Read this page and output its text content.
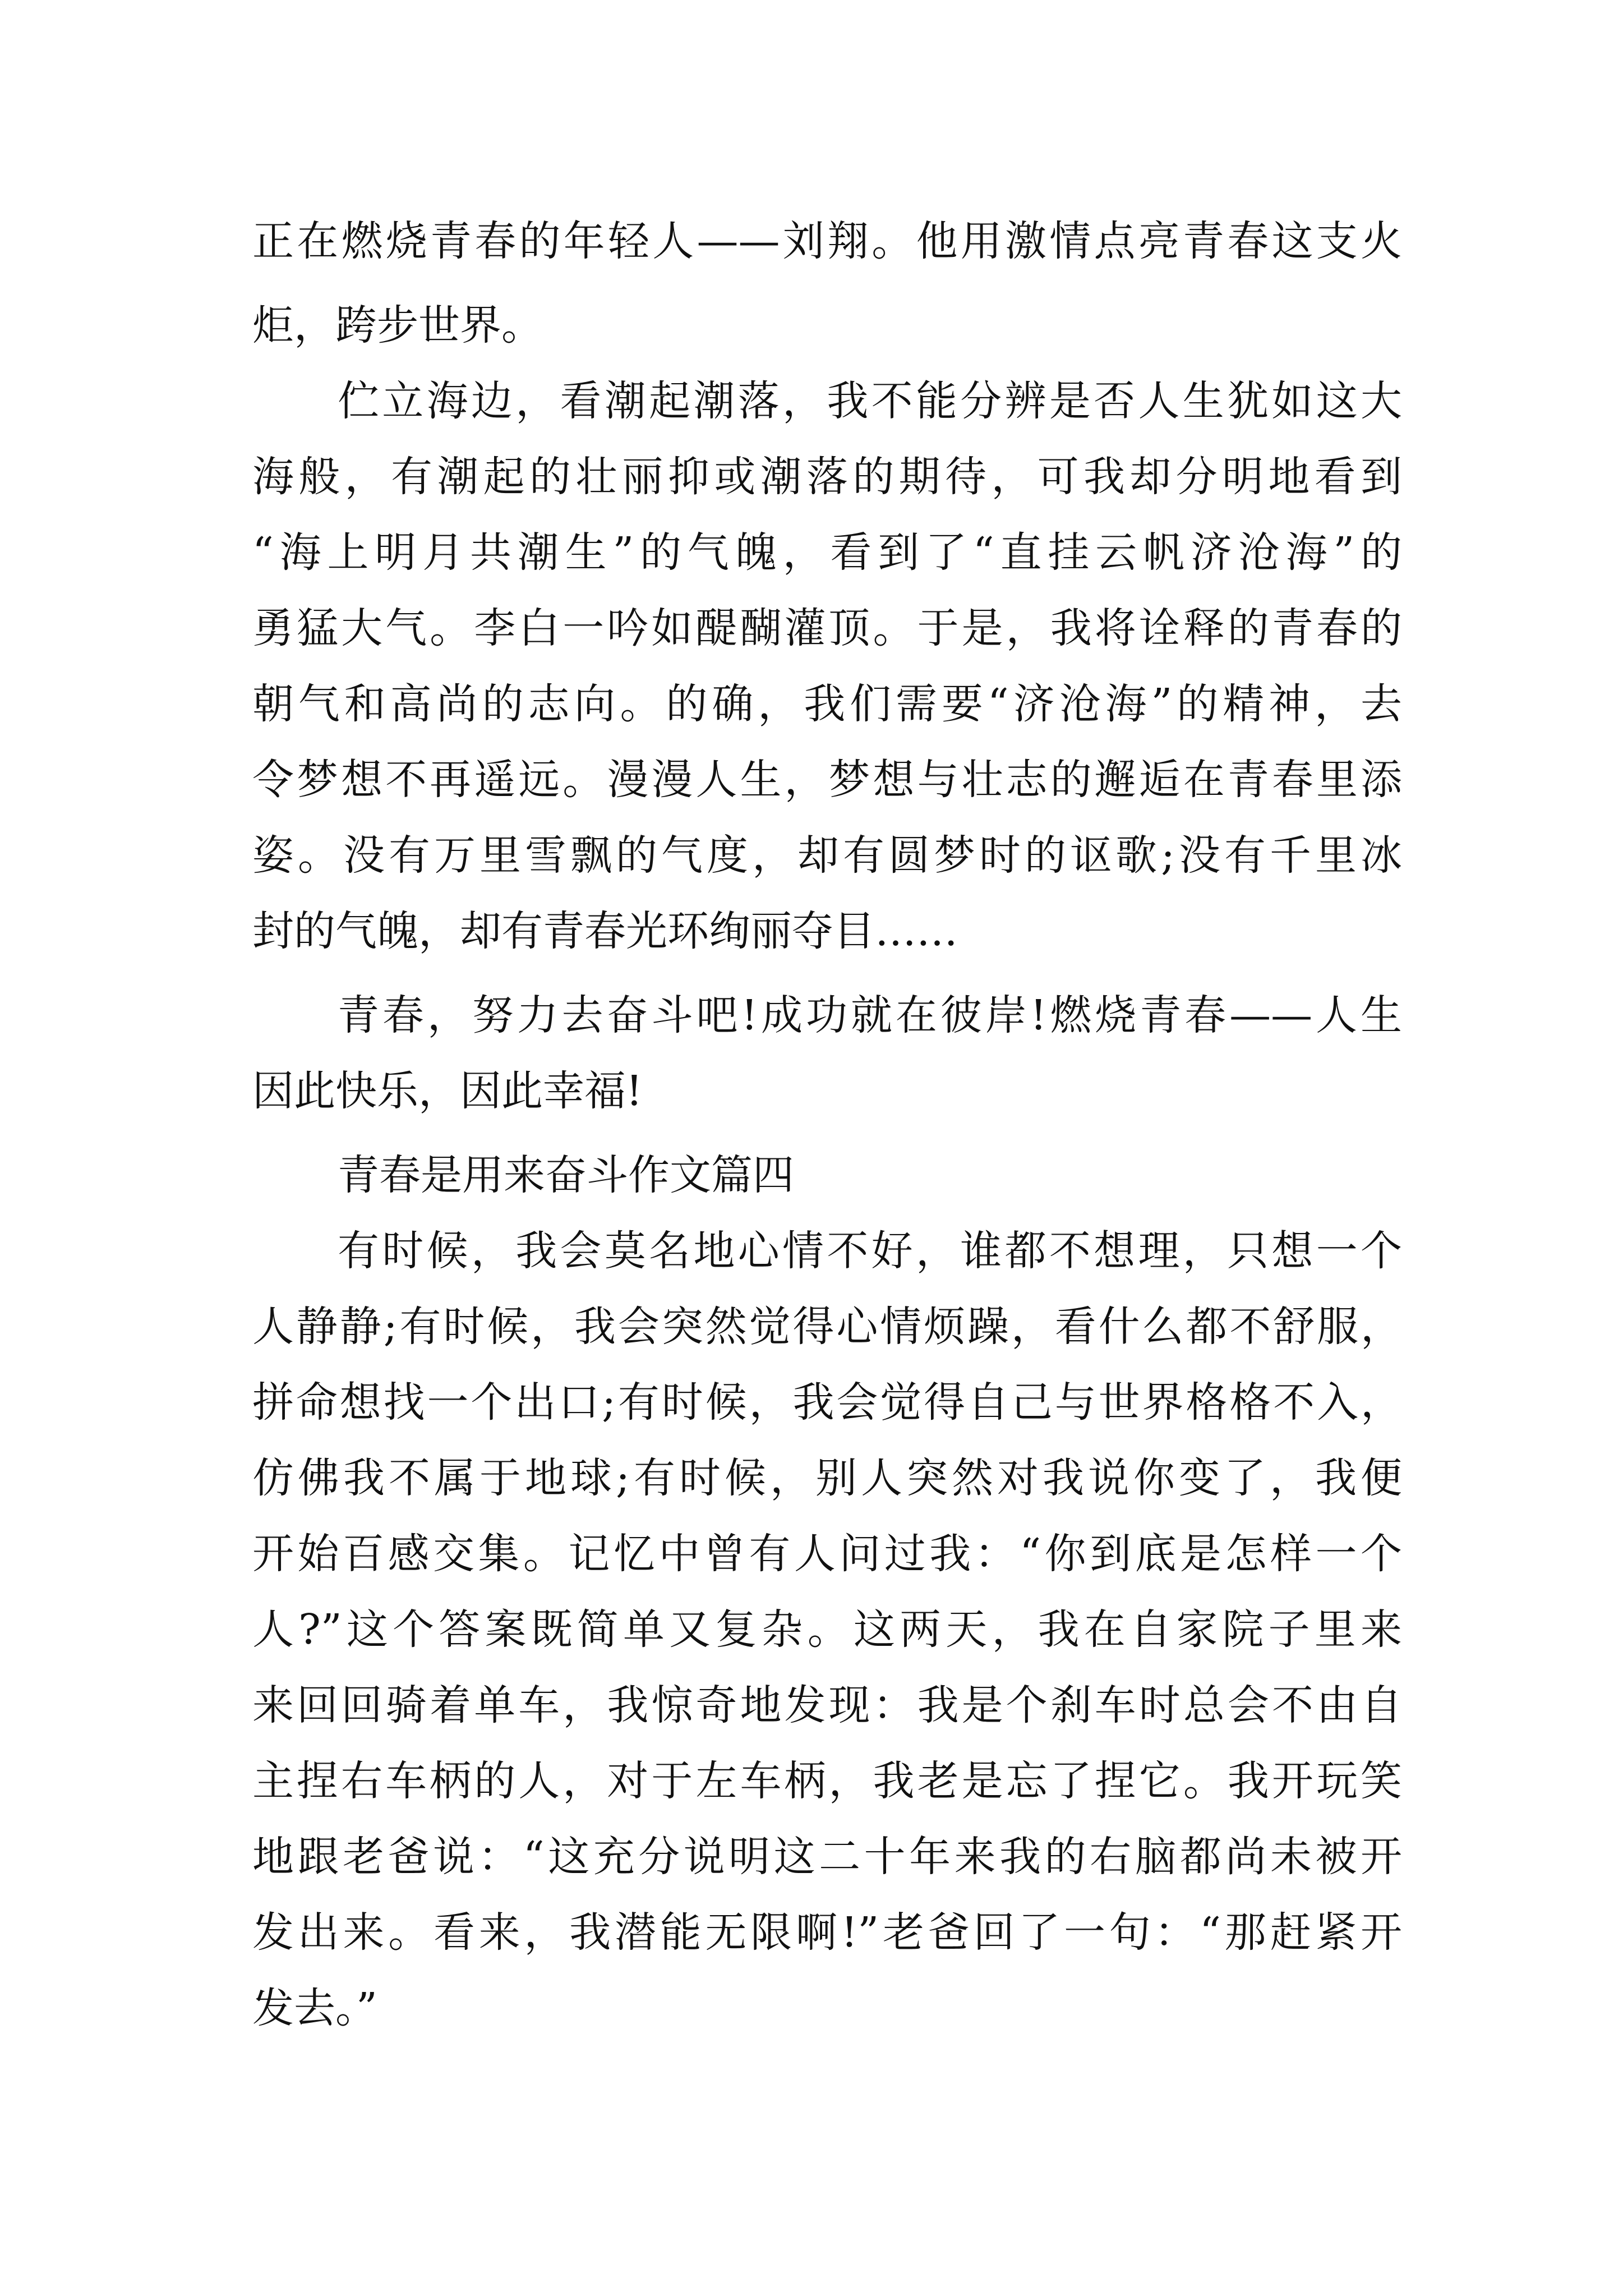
正在燃烧青春的年轻人——刘翔。他用激情点亮青春这支火
炬，跨步世界。
伫立海边，看潮起潮落，我不能分辨是否人生犹如这大
海般，有潮起的壮丽抑或潮落的期待，可我却分明地看到
“海上明月共潮生”的气魄，看到了“直挂云帆济沧海”的
勇猛大气。李白一吟如醍醐灌顶。于是，我将诠释的青春的
朝气和高尚的志向。的确，我们需要“济沧海”的精神，去
令梦想不再遥远。漫漫人生，梦想与壮志的邂逅在青春里添
姿。没有万里雪飘的气度，却有圆梦时的讴歌;没有千里冰
封的气魄，却有青春光环绚丽夺目……
青春，努力去奋斗吧!成功就在彼岸!燃烧青春——人生
因此快乐，因此幸福!
青春是用来奋斗作文篇四
有时候，我会莫名地心情不好，谁都不想理，只想一个
人静静;有时候，我会突然觉得心情烦躁，看什么都不舒服，
拼命想找一个出口;有时候，我会觉得自己与世界格格不入，
仿佛我不属于地球;有时候，别人突然对我说你变了，我便
开始百感交集。记忆中曾有人问过我：“你到底是怎样一个
人?”这个答案既简单又复杂。这两天，我在自家院子里来
来回回骑着单车，我惊奇地发现：我是个刹车时总会不由自
主捏右车柄的人，对于左车柄，我老是忘了捏它。我开玩笑
地跟老爸说：“这充分说明这二十年来我的右脑都尚未被开
发出来。看来，我潜能无限啊!”老爸回了一句：“那赶紧开
发去。”
